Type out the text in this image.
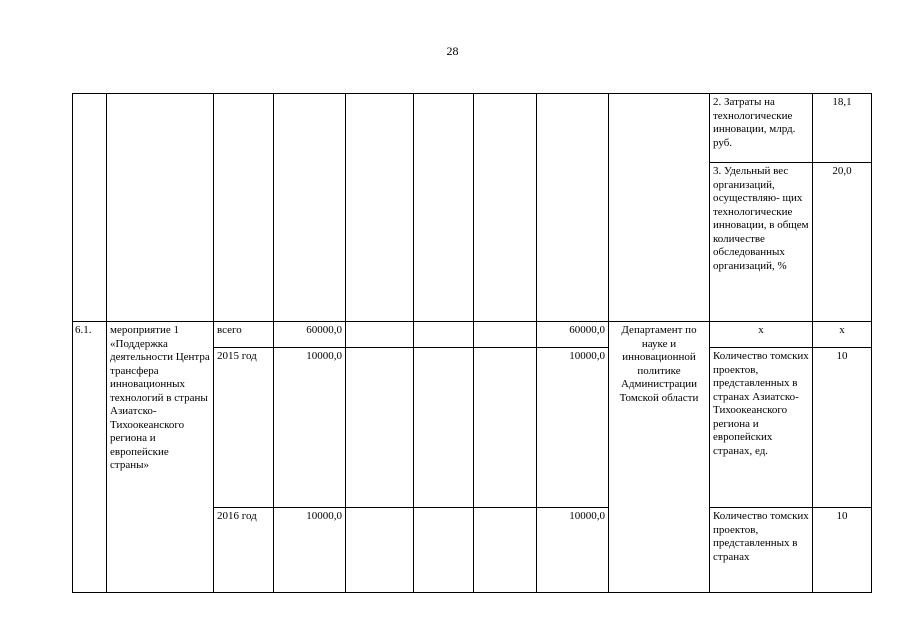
28
									2. Затраты на технологические инновации, млрд. руб.	18,1
									3. Удельный вес организаций, осуществляю- щих технологические инновации, в общем количестве обследованных организаций, %	20,0
6.1.	мероприятие 1 «Поддержка деятельности Центра трансфера инновационных технологий в страны Азиатско-Тихоокеанского региона и европейские страны»	всего	60000,0				60000,0	Департамент по науке и инновационной политике Администрации Томской области	х	х
		2015 год	10000,0				10000,0		Количество томских проектов, представленных в странах Азиатско-Тихоокеанского региона и европейских странах, ед.	10
		2016 год	10000,0				10000,0		Количество томских проектов, представленных в странах	10
